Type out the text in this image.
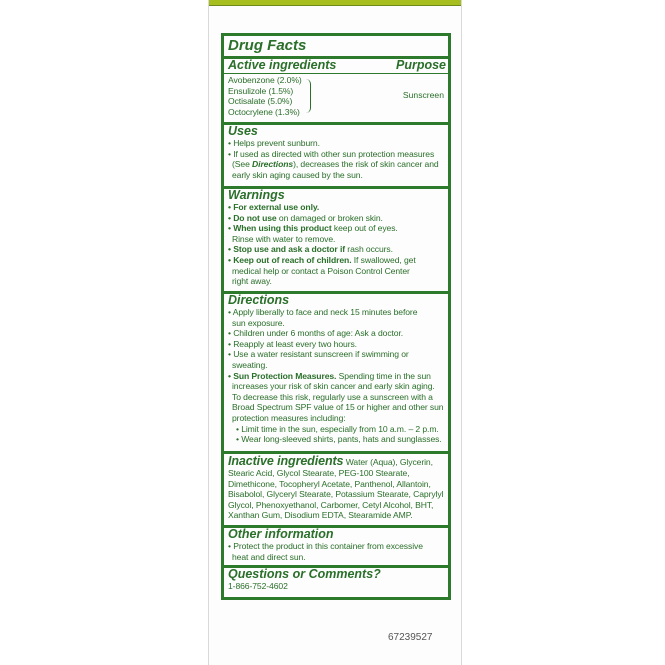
Drug Facts
Active ingredients	Purpose
Avobenzone (2.0%)
Ensulizole (1.5%)
Octisalate (5.0%)
Octocrylene (1.3%)
Sunscreen
Uses
• Helps prevent sunburn.
• If used as directed with other sun protection measures
(See Directions), decreases the risk of skin cancer and
early skin aging caused by the sun.
Warnings
• For external use only.
• Do not use on damaged or broken skin.
• When using this product keep out of eyes.
Rinse with water to remove.
• Stop use and ask a doctor if rash occurs.
• Keep out of reach of children. If swallowed, get
medical help or contact a Poison Control Center
right away.
Directions
• Apply liberally to face and neck 15 minutes before
sun exposure.
• Children under 6 months of age: Ask a doctor.
• Reapply at least every two hours.
• Use a water resistant sunscreen if swimming or
sweating.
• Sun Protection Measures. Spending time in the sun
increases your risk of skin cancer and early skin aging.
To decrease this risk, regularly use a sunscreen with a
Broad Spectrum SPF value of 15 or higher and other sun
protection measures including:
• Limit time in the sun, especially from 10 a.m. – 2 p.m.
• Wear long-sleeved shirts, pants, hats and sunglasses.
Inactive ingredients Water (Aqua), Glycerin,
Stearic Acid, Glycol Stearate, PEG-100 Stearate,
Dimethicone, Tocopheryl Acetate, Panthenol, Allantoin,
Bisabolol, Glyceryl Stearate, Potassium Stearate, Caprylyl
Glycol, Phenoxyethanol, Carbomer, Cetyl Alcohol, BHT,
Xanthan Gum, Disodium EDTA, Stearamide AMP.
Other information
• Protect the product in this container from excessive
heat and direct sun.
Questions or Comments?
1-866-752-4602
67239527
